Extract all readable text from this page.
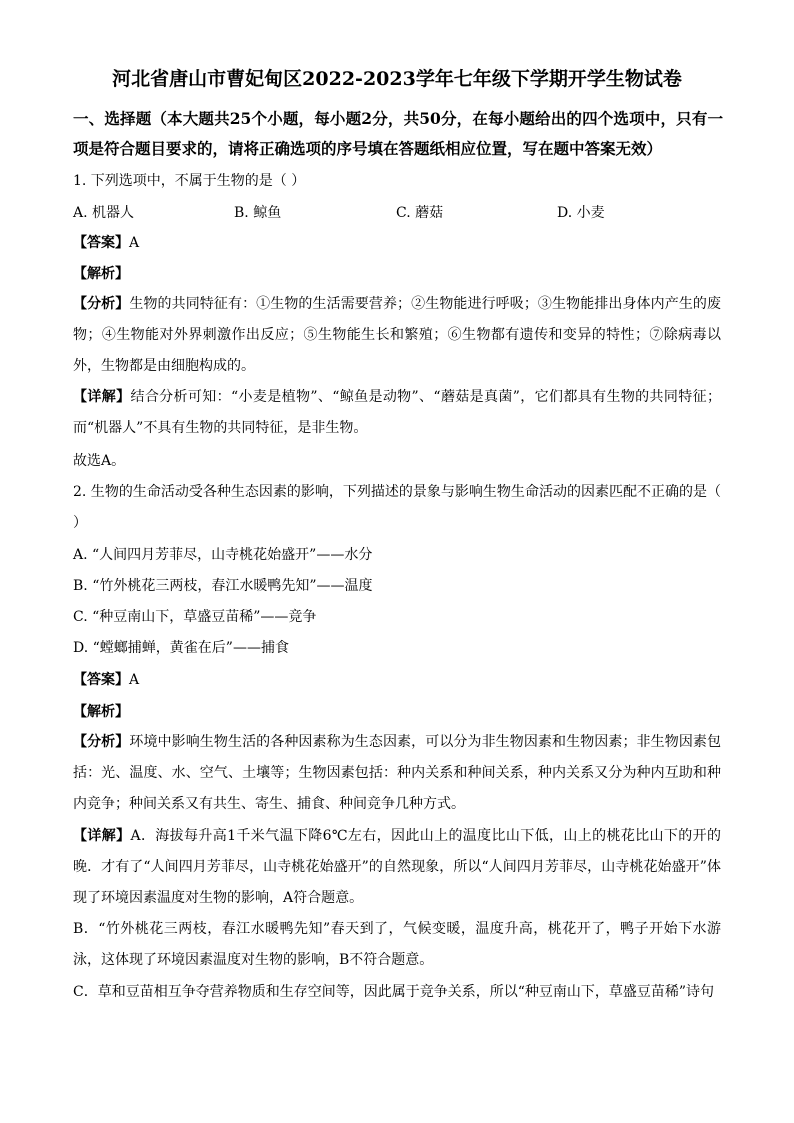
河北省唐山市曹妃甸区2022-2023学年七年级下学期开学生物试卷
一、选择题（本大题共25个小题，每小题2分，共50分，在每小题给出的四个选项中，只有一项是符合题目要求的，请将正确选项的序号填在答题纸相应位置，写在题中答案无效）
1. 下列选项中，不属于生物的是（ ）
A. 机器人	B. 鲸鱼	C. 蘑菇	D. 小麦
【答案】A
【解析】
【分析】生物的共同特征有：①生物的生活需要营养；②生物能进行呼吸；③生物能排出身体内产生的废物；④生物能对外界刺激作出反应；⑤生物能生长和繁殖；⑥生物都有遗传和变异的特性；⑦除病毒以外，生物都是由细胞构成的。
【详解】结合分析可知：“小麦是植物”、“鲸鱼是动物”、“蘑菇是真菌”，它们都具有生物的共同特征；而“机器人”不具有生物的共同特征，是非生物。
故选A。
2. 生物的生命活动受各种生态因素的影响，下列描述的景象与影响生物生命活动的因素匹配不正确的是（ ）
A. “人间四月芳菲尽，山寺桃花始盛开”——水分
B. “竹外桃花三两枝，春江水暖鸭先知”——温度
C. “种豆南山下，草盛豆苗稀”——竞争
D. “螳螂捕蝉，黄雀在后”——捕食
【答案】A
【解析】
【分析】环境中影响生物生活的各种因素称为生态因素，可以分为非生物因素和生物因素；非生物因素包括：光、温度、水、空气、土壤等；生物因素包括：种内关系和种间关系，种内关系又分为种内互助和种内竞争；种间关系又有共生、寄生、捕食、种间竞争几种方式。
【详解】A．海拔每升高1千米气温下降6℃左右，因此山上的温度比山下低，山上的桃花比山下的开的晚．才有了“人间四月芳菲尽，山寺桃花始盛开”的自然现象，所以“人间四月芳菲尽，山寺桃花始盛开”体现了环境因素温度对生物的影响，A符合题意。
B．“竹外桃花三两枝，春江水暖鸭先知”春天到了，气候变暖，温度升高，桃花开了，鸭子开始下水游泳，这体现了环境因素温度对生物的影响，B不符合题意。
C．草和豆苗相互争夺营养物质和生存空间等，因此属于竞争关系，所以“种豆南山下，草盛豆苗稀”诗句
